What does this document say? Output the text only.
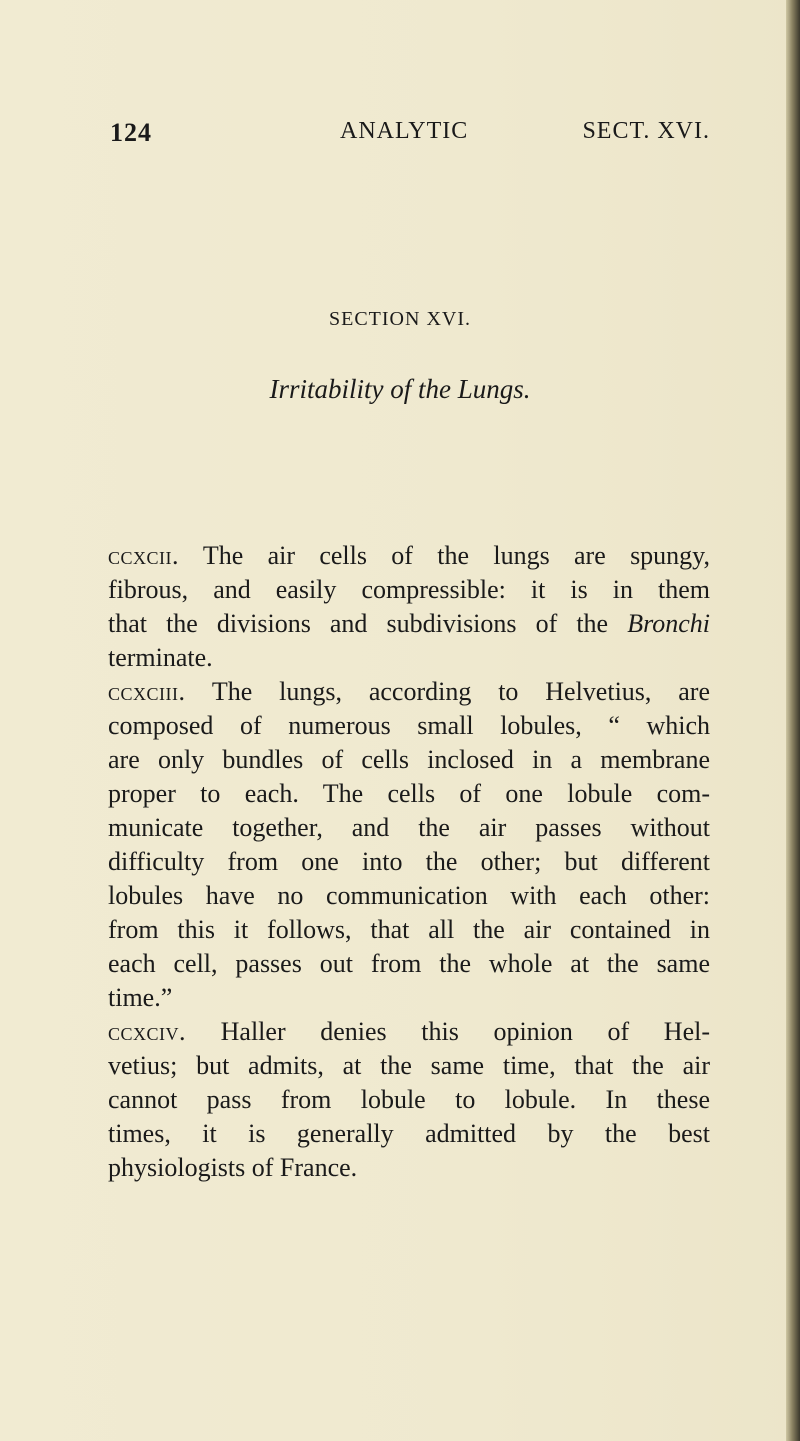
124	ANALYTIC	SECT. XVI.
SECTION XVI.
Irritability of the Lungs.
ccxcii. The air cells of the lungs are spungy,
fibrous, and easily compressible: it is in them
that the divisions and subdivisions of the Bronchi
terminate.
ccxciii. The lungs, according to Helvetius, are
composed of numerous small lobules, “ which
are only bundles of cells inclosed in a membrane
proper to each. The cells of one lobule com-
municate together, and the air passes without
difficulty from one into the other; but different
lobules have no communication with each other:
from this it follows, that all the air contained in
each cell, passes out from the whole at the same
time.”
ccxciv. Haller denies this opinion of Hel-
vetius; but admits, at the same time, that the air
cannot pass from lobule to lobule. In these
times, it is generally admitted by the best
physiologists of France.
